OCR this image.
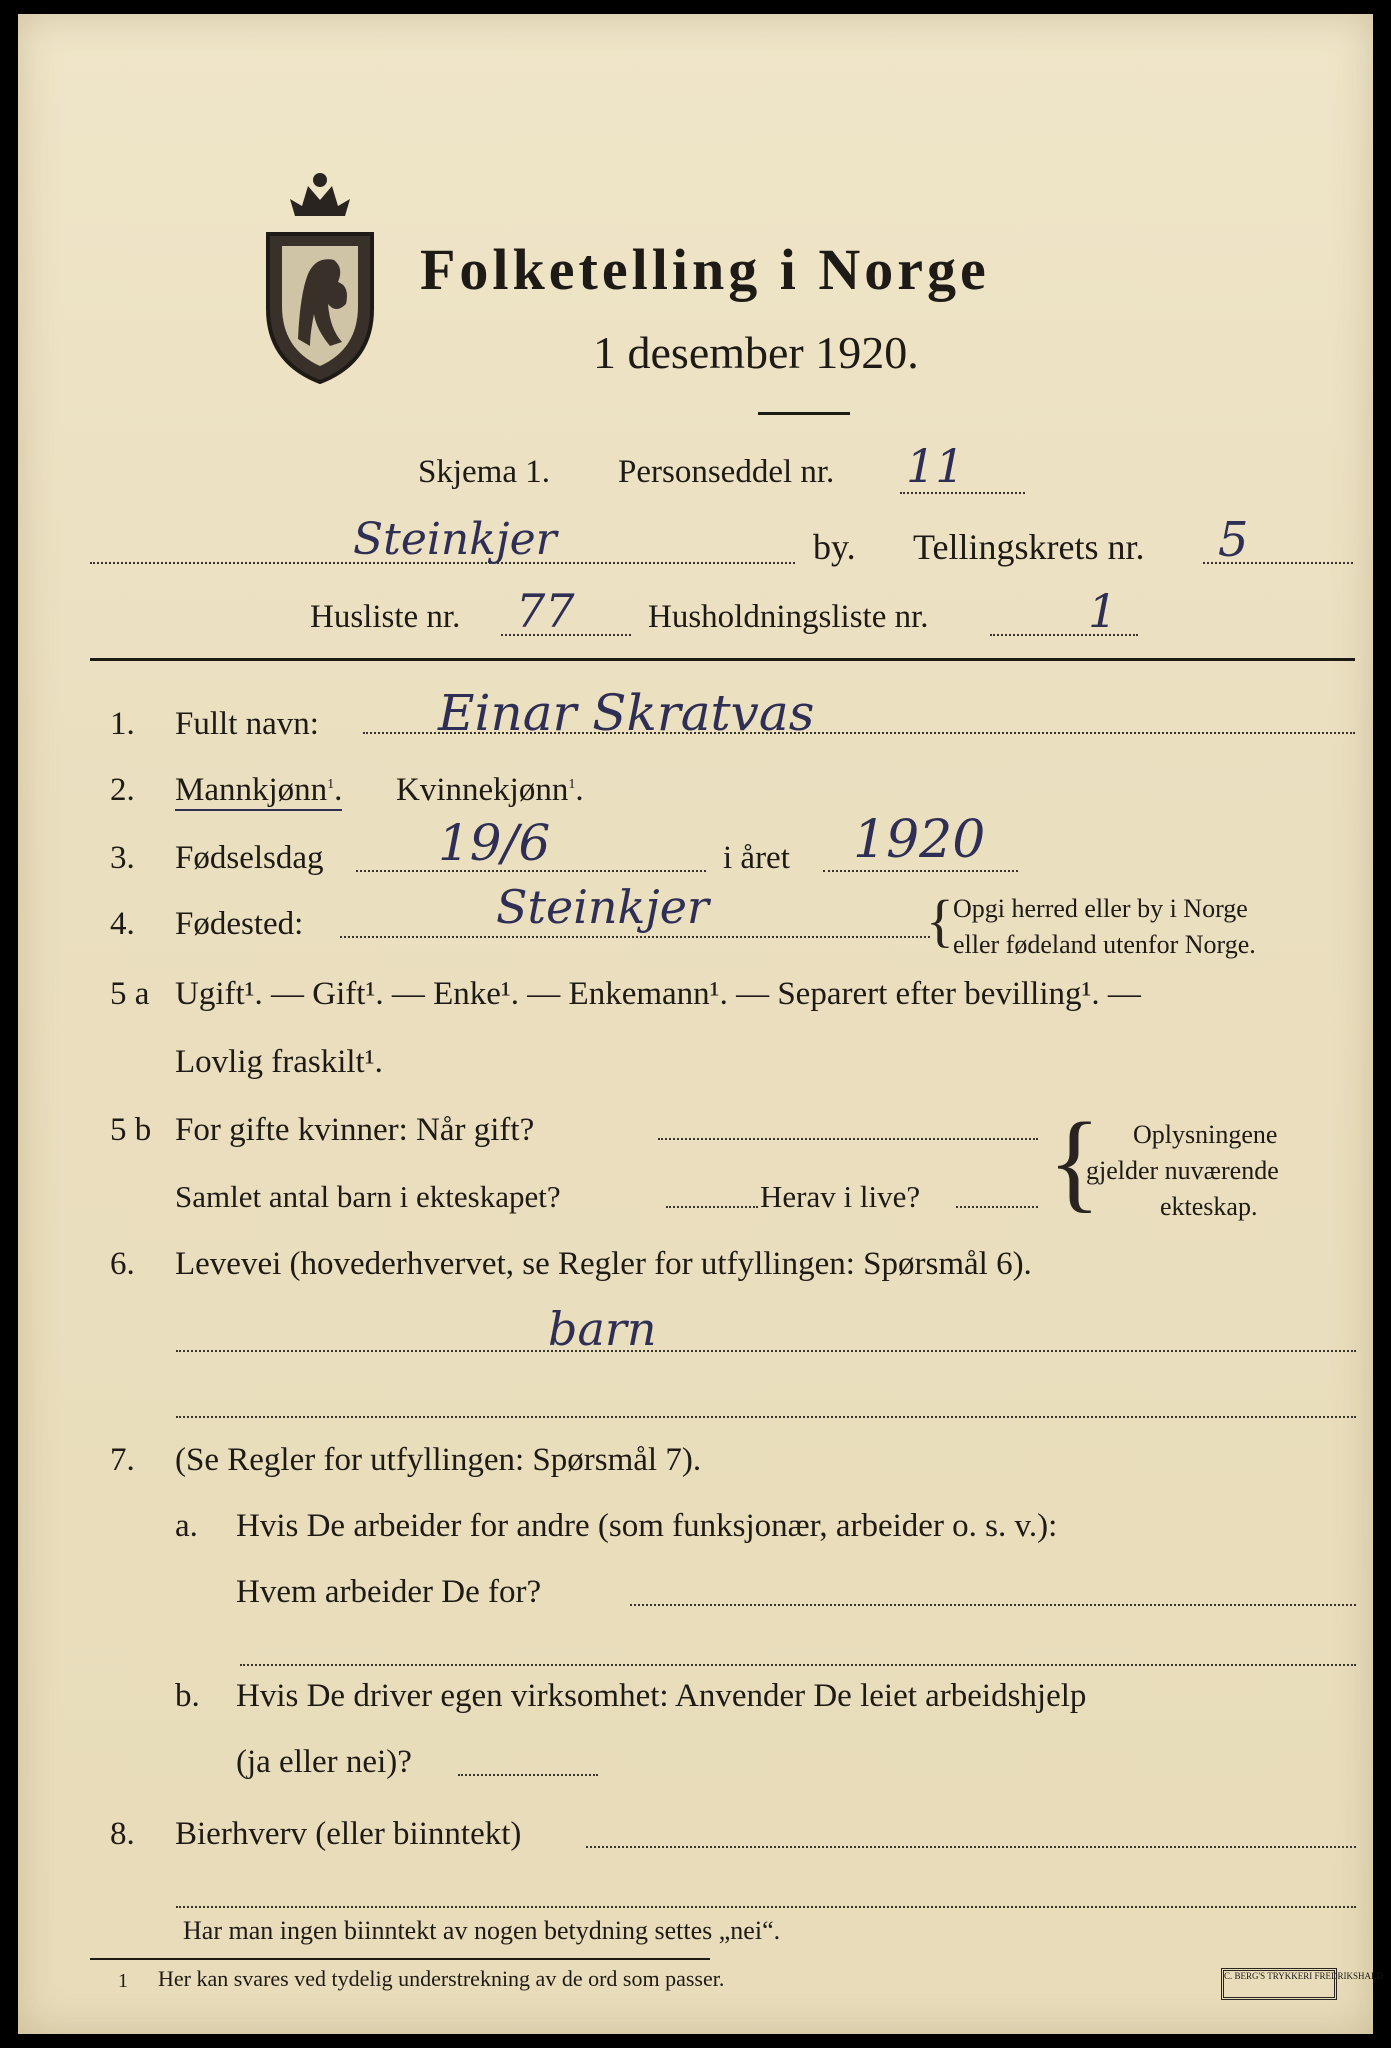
Folketelling i Norge
1 desember 1920.
Skjema 1. Personseddel nr. 11
Steinkjer	by. Tellingskrets nr. 5
Husliste nr. 77 Husholdningsliste nr.	1
1. Fullt navn: Einar Skratvas
2. Mannkjønn$^1$. Kvinnekjønn$^1$.
3. Fødselsdag 19/6	i året 1920
4. Fødested:	Steinkjer	{ Opgi herred eller by i Norge
eller fødeland utenfor Norge.
5 a Ugift¹. — Gift¹. — Enke¹. — Enkemann¹. — Separert efter bevilling¹. —
Lovlig fraskilt¹.
5 b For gifte kvinner: Når gift?
Samlet antal barn i ekteskapet?	Herav i live? { Oplysningene
gjelder nuværende
ekteskap.
6. Levevei (hovederhvervet, se Regler for utfyllingen: Spørsmål 6).
barn
7. (Se Regler for utfyllingen: Spørsmål 7).
a. Hvis De arbeider for andre (som funksjonær, arbeider o. s. v.):
Hvem arbeider De for?
b. Hvis De driver egen virksomhet: Anvender De leiet arbeidshjelp
(ja eller nei)?
8. Bierhverv (eller biinntekt)
Har man ingen biinntekt av nogen betydning settes „nei“.
1 Her kan svares ved tydelig understrekning av de ord som passer.	C. BERG'S TRYKKERI FREDRIKSHALD
